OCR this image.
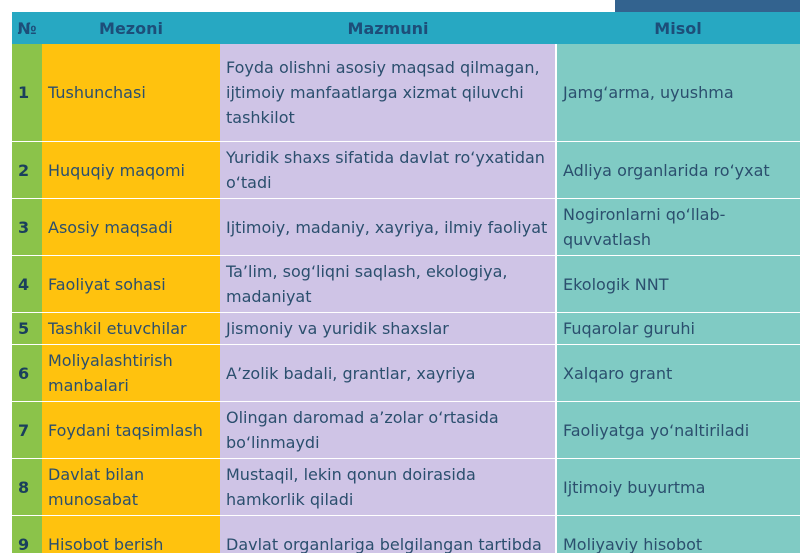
№	Mezoni	Mazmuni	Misol
1	Tushunchasi	Foyda olishni asosiy maqsad qilmagan, ijtimoiy manfaatlarga xizmat qiluvchi tashkilot	Jamg‘arma, uyushma
2	Huquqiy maqomi	Yuridik shaxs sifatida davlat ro‘yxatidan o‘tadi	Adliya organlarida ro‘yxat
3	Asosiy maqsadi	Ijtimoiy, madaniy, xayriya, ilmiy faoliyat	Nogironlarni qo‘llab-quvvatlash
4	Faoliyat sohasi	Ta’lim, sog‘liqni saqlash, ekologiya, madaniyat	Ekologik NNT
5	Tashkil etuvchilar	Jismoniy va yuridik shaxslar	Fuqarolar guruhi
6	Moliyalashtirish manbalari	A’zolik badali, grantlar, xayriya	Xalqaro grant
7	Foydani taqsimlash	Olingan daromad a’zolar o‘rtasida bo‘linmaydi	Faoliyatga yo‘naltiriladi
8	Davlat bilan munosabat	Mustaqil, lekin qonun doirasida hamkorlik qiladi	Ijtimoiy buyurtma
9	Hisobot berish	Davlat organlariga belgilangan tartibda	Moliyaviy hisobot
